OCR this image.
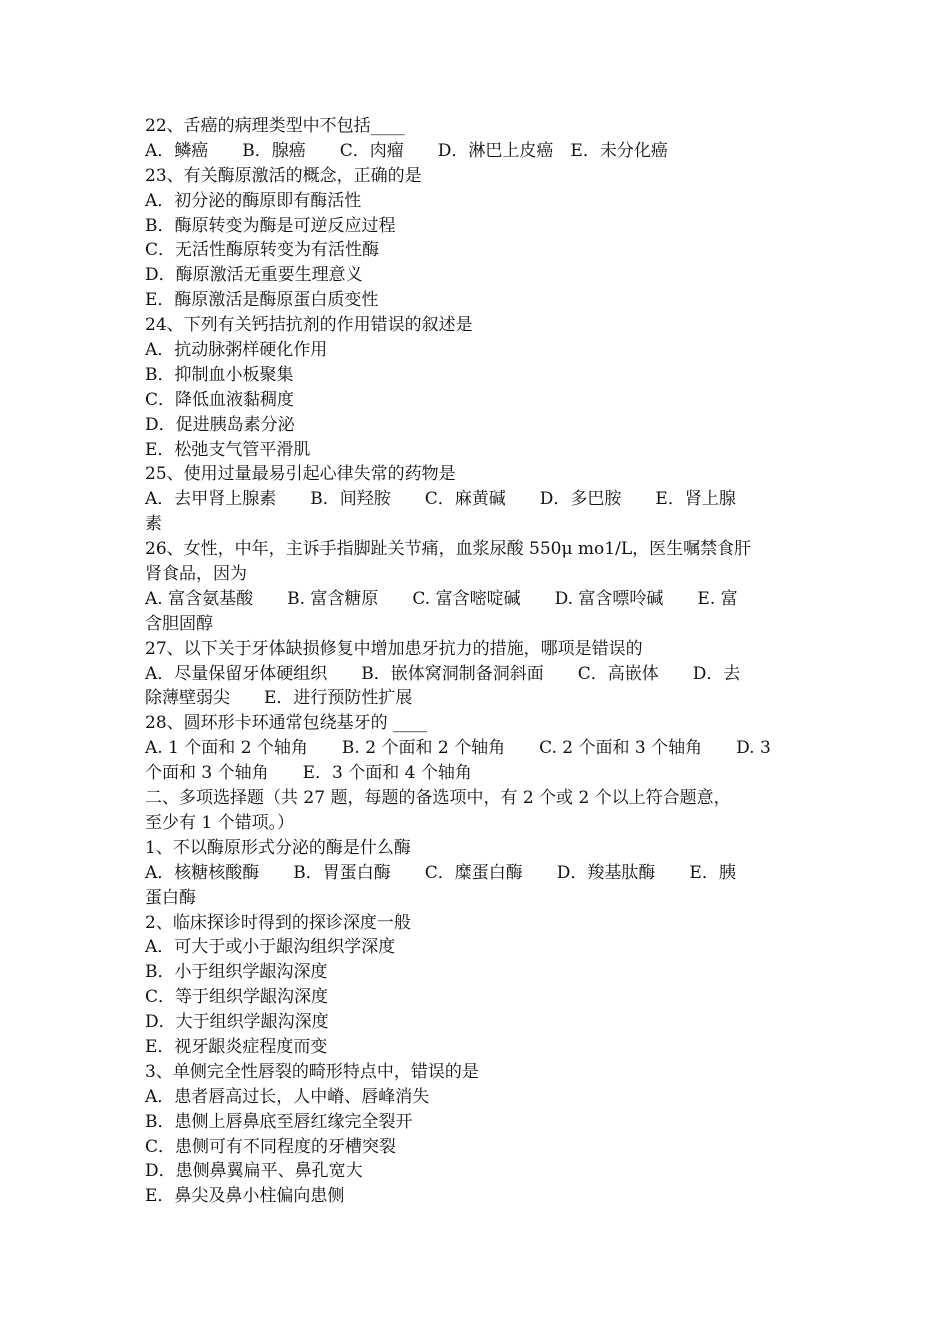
22、舌癌的病理类型中不包括____
A．鳞癌　　B．腺癌　　C．肉瘤　　D．淋巴上皮癌　E．未分化癌
23、有关酶原激活的概念，正确的是
A．初分泌的酶原即有酶活性
B．酶原转变为酶是可逆反应过程
C．无活性酶原转变为有活性酶
D．酶原激活无重要生理意义
E．酶原激活是酶原蛋白质变性
24、下列有关钙拮抗剂的作用错误的叙述是
A．抗动脉粥样硬化作用
B．抑制血小板聚集
C．降低血液黏稠度
D．促进胰岛素分泌
E．松弛支气管平滑肌
25、使用过量最易引起心律失常的药物是
A．去甲肾上腺素　　B．间羟胺　　C．麻黄碱　　D．多巴胺　　E．肾上腺
素
26、女性，中年，主诉手指脚趾关节痛，血浆尿酸 550μ mo1/L，医生嘱禁食肝
肾食品，因为
A. 富含氨基酸　　B. 富含糖原　　C. 富含嘧啶碱　　D. 富含嘌呤碱　　E. 富
含胆固醇
27、以下关于牙体缺损修复中增加患牙抗力的措施，哪项是错误的
A．尽量保留牙体硬组织　　B．嵌体窝洞制备洞斜面　　C．高嵌体　　D．去
除薄壁弱尖　　E．进行预防性扩展
28、圆环形卡环通常包绕基牙的 ____
A. 1 个面和 2 个轴角　　B. 2 个面和 2 个轴角　　C. 2 个面和 3 个轴角　　D. 3
个面和 3 个轴角　　E．3 个面和 4 个轴角
二、多项选择题（共 27 题，每题的备选项中，有 2 个或 2 个以上符合题意，
至少有 1 个错项。）
1、不以酶原形式分泌的酶是什么酶
A．核糖核酸酶　　B．胃蛋白酶　　C．糜蛋白酶　　D．羧基肽酶　　E．胰
蛋白酶
2、临床探诊时得到的探诊深度一般
A．可大于或小于龈沟组织学深度
B．小于组织学龈沟深度
C．等于组织学龈沟深度
D．大于组织学龈沟深度
E．视牙龈炎症程度而变
3、单侧完全性唇裂的畸形特点中，错误的是
A．患者唇高过长，人中嵴、唇峰消失
B．患侧上唇鼻底至唇红缘完全裂开
C．患侧可有不同程度的牙槽突裂
D．患侧鼻翼扁平、鼻孔宽大
E．鼻尖及鼻小柱偏向患侧
